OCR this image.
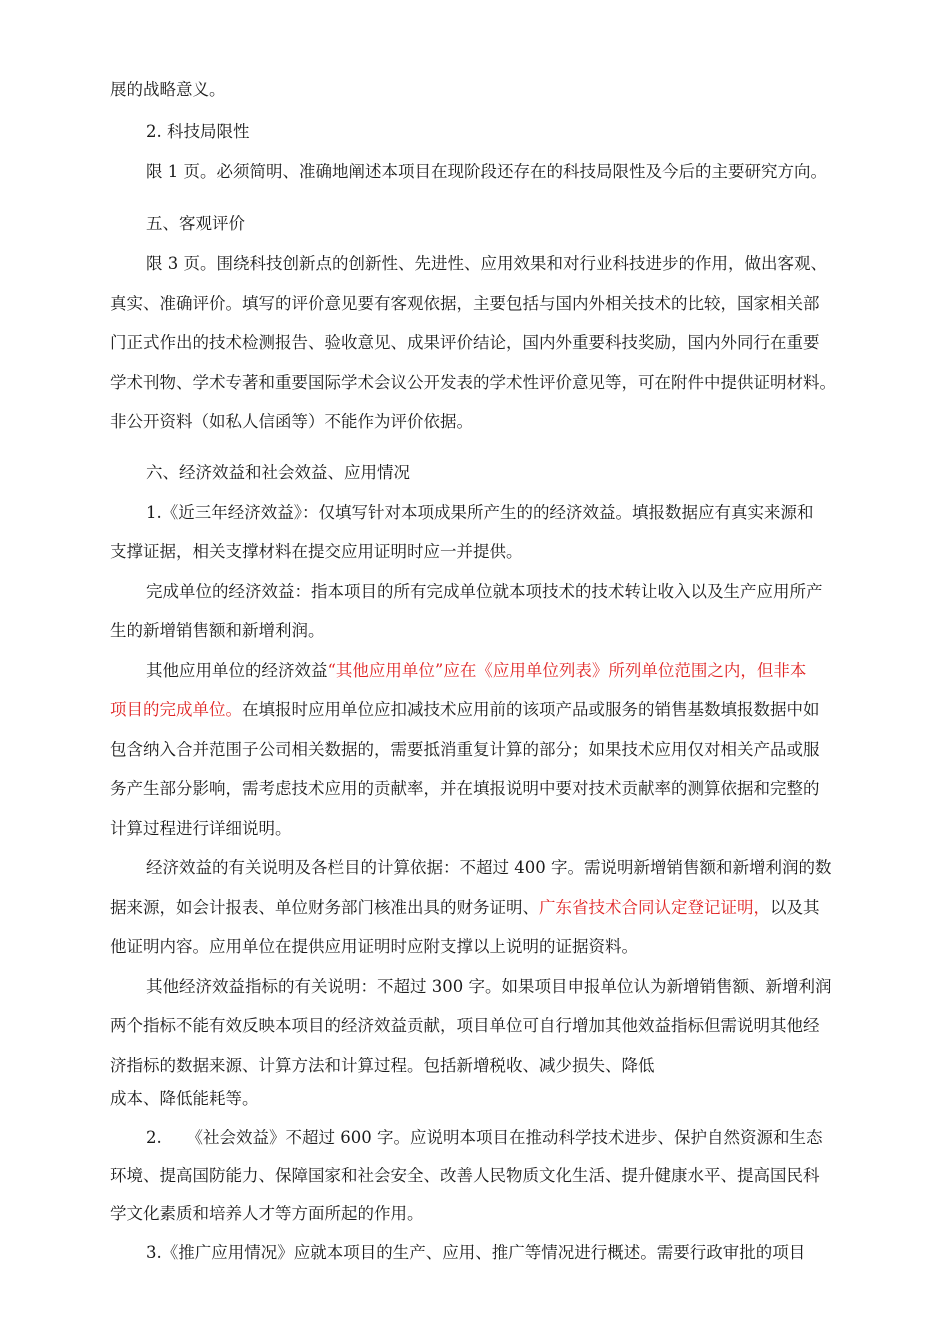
展的战略意义。
2. 科技局限性
限 1 页。必须简明、准确地阐述本项目在现阶段还存在的科技局限性及今后的主要研究方向。
五、客观评价
限 3 页。围绕科技创新点的创新性、先进性、应用效果和对行业科技进步的作用，做出客观、
真实、准确评价。填写的评价意见要有客观依据，主要包括与国内外相关技术的比较，国家相关部
门正式作出的技术检测报告、验收意见、成果评价结论，国内外重要科技奖励，国内外同行在重要
学术刊物、学术专著和重要国际学术会议公开发表的学术性评价意见等，可在附件中提供证明材料。
非公开资料（如私人信函等）不能作为评价依据。
六、经济效益和社会效益、应用情况
1.《近三年经济效益》：仅填写针对本项成果所产生的的经济效益。填报数据应有真实来源和
支撑证据，相关支撑材料在提交应用证明时应一并提供。
完成单位的经济效益：指本项目的所有完成单位就本项技术的技术转让收入以及生产应用所产
生的新增销售额和新增利润。
其他应用单位的经济效益“其他应用单位”应在《应用单位列表》所列单位范围之内，但非本
项目的完成单位。在填报时应用单位应扣减技术应用前的该项产品或服务的销售基数填报数据中如
包含纳入合并范围子公司相关数据的，需要抵消重复计算的部分；如果技术应用仅对相关产品或服
务产生部分影响，需考虑技术应用的贡献率，并在填报说明中要对技术贡献率的测算依据和完整的
计算过程进行详细说明。
经济效益的有关说明及各栏目的计算依据：不超过 400 字。需说明新增销售额和新增利润的数
据来源，如会计报表、单位财务部门核准出具的财务证明、广东省技术合同认定登记证明，以及其
他证明内容。应用单位在提供应用证明时应附支撑以上说明的证据资料。
其他经济效益指标的有关说明：不超过 300 字。如果项目申报单位认为新增销售额、新增利润
两个指标不能有效反映本项目的经济效益贡献，项目单位可自行增加其他效益指标但需说明其他经
济指标的数据来源、计算方法和计算过程。包括新增税收、减少损失、降低
成本、降低能耗等。
2.　　《社会效益》不超过 600 字。应说明本项目在推动科学技术进步、保护自然资源和生态
环境、提高国防能力、保障国家和社会安全、改善人民物质文化生活、提升健康水平、提高国民科
学文化素质和培养人才等方面所起的作用。
3.《推广应用情况》应就本项目的生产、应用、推广等情况进行概述。需要行政审批的项目
